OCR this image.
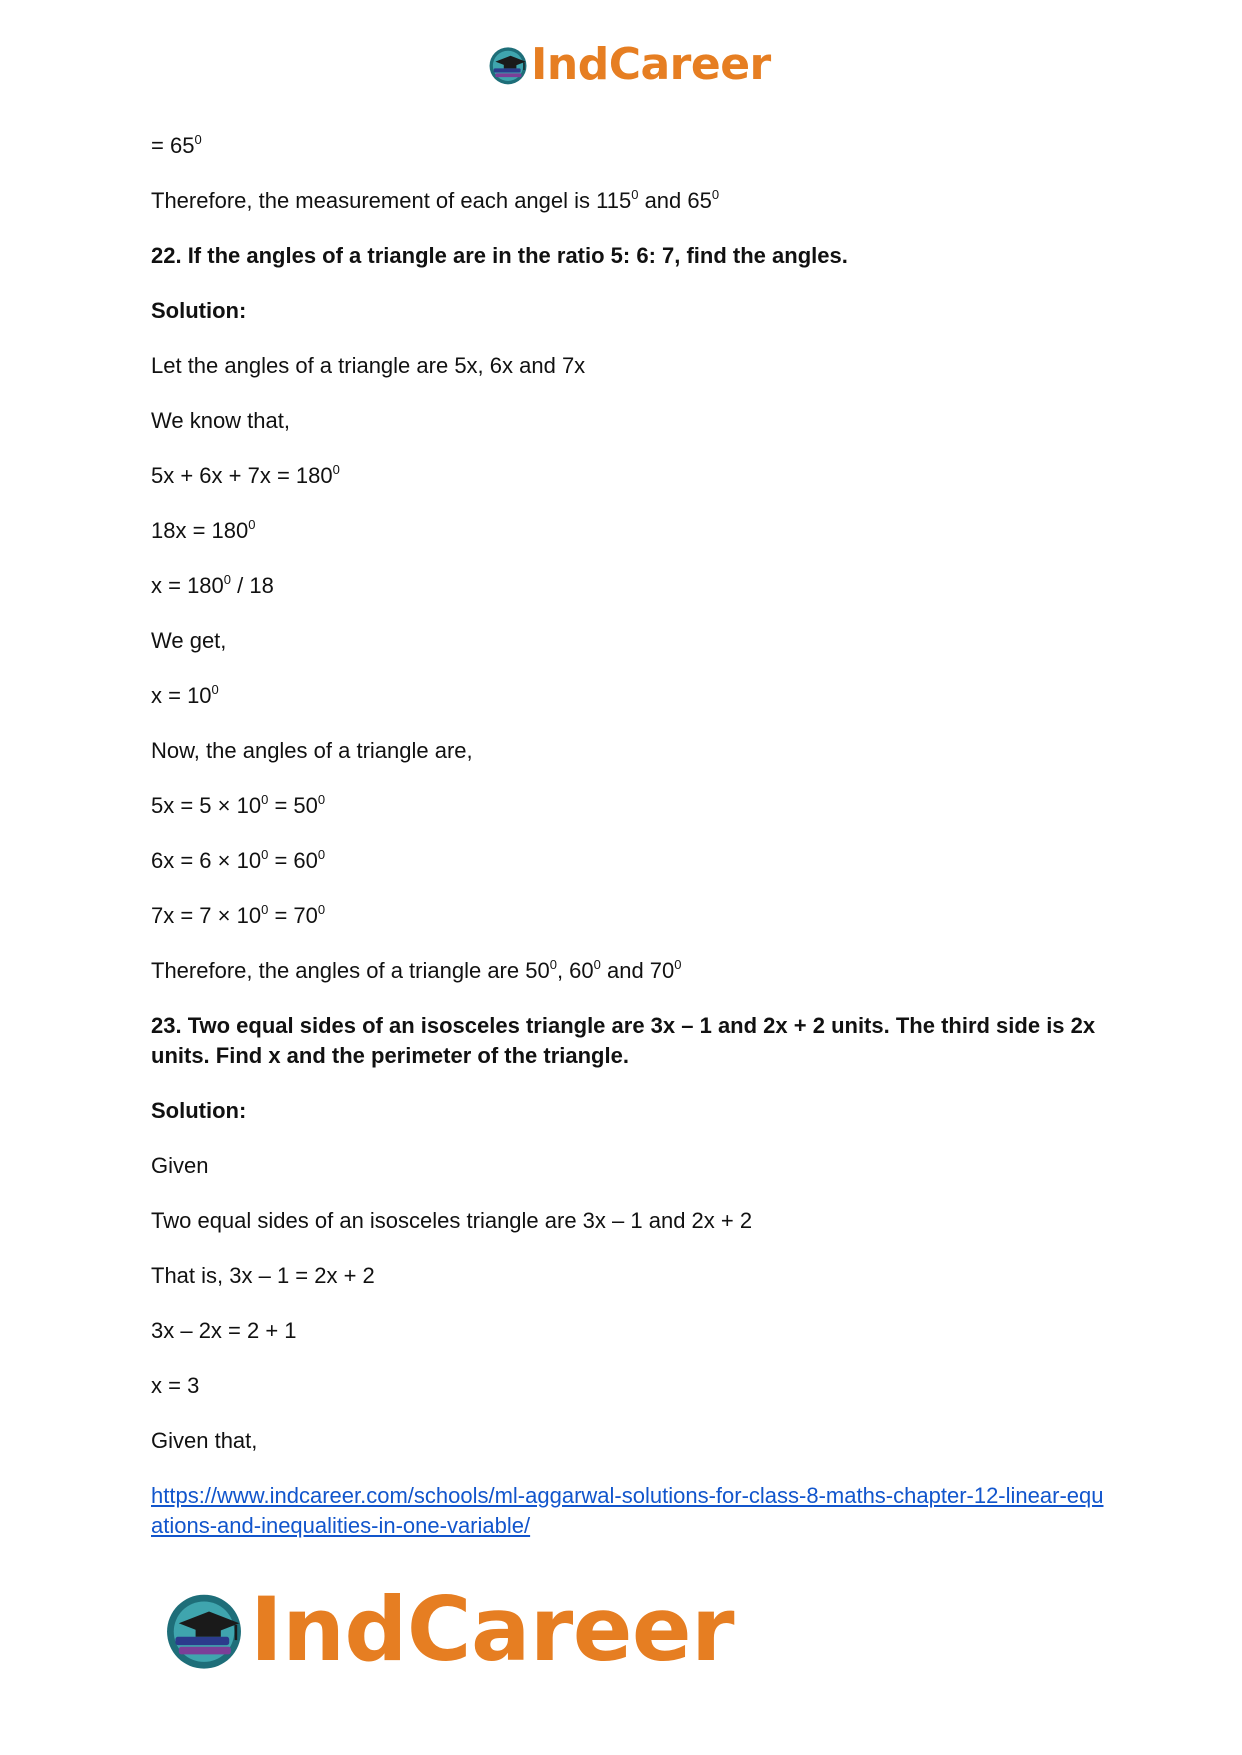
IndCareer
= $65^0$
Therefore, the measurement of each angel is $115^0$ and $65^0$
22. If the angles of a triangle are in the ratio 5: 6: 7, find the angles.
Solution:
Let the angles of a triangle are 5x, 6x and 7x
We know that,
$5x + 6x + 7x = 180^0$
$18x = 180^0$
$x = 180^0 / 18$
We get,
$x = 10^0$
Now, the angles of a triangle are,
$5x = 5 \times 10^0 = 50^0$
$6x = 6 \times 10^0 = 60^0$
$7x = 7 \times 10^0 = 70^0$
Therefore, the angles of a triangle are $50^0$, $60^0$ and $70^0$
23. Two equal sides of an isosceles triangle are 3x – 1 and 2x + 2 units. The third side is 2x units. Find x and the perimeter of the triangle.
Solution:
Given
Two equal sides of an isosceles triangle are 3x – 1 and 2x + 2
That is, 3x – 1 = 2x + 2
3x – 2x = 2 + 1
x = 3
Given that,
https://www.indcareer.com/schools/ml-aggarwal-solutions-for-class-8-maths-chapter-12-linear-equations-and-inequalities-in-one-variable/
IndCareer
